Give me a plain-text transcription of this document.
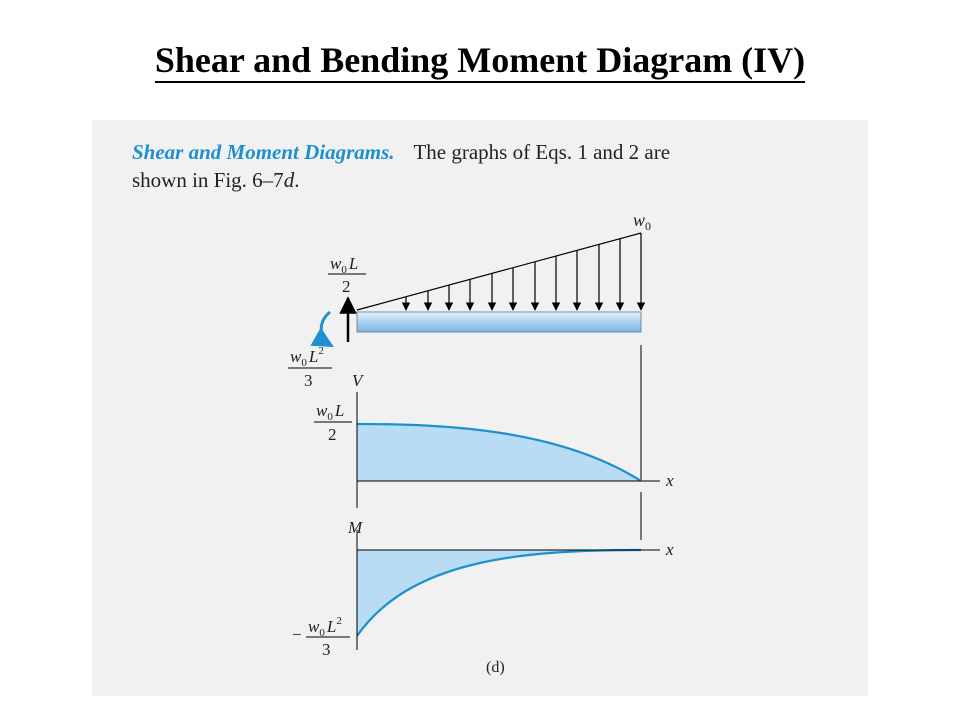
Shear and Bending Moment Diagram (IV)
Shear and Moment Diagrams. The graphs of Eqs. 1 and 2 are
shown in Fig. 6–7d.
$w_0$
$w_0$ L
2
$w_0$ $L^2$
3 V
x
$w_0$ L
2
M
x
− $w_0$ $L^2$
3
(d)
